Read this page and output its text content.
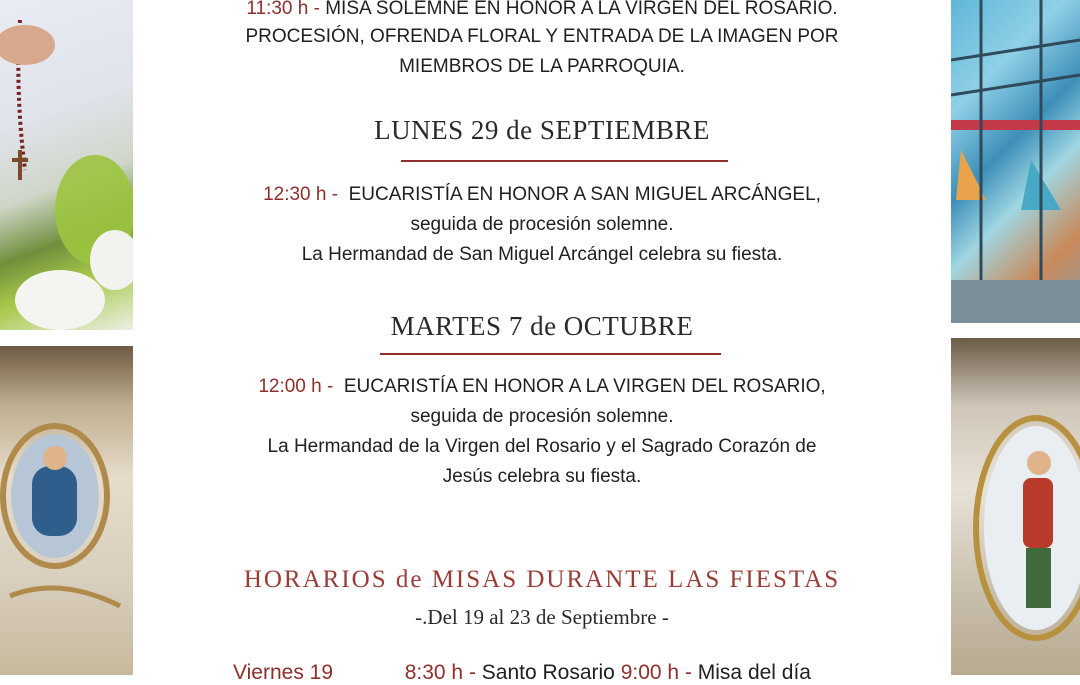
11:30 h - MISA SOLEMNE EN HONOR A LA VIRGEN DEL ROSARIO.
PROCESIÓN, OFRENDA FLORAL Y ENTRADA DE LA IMAGEN POR
MIEMBROS DE LA PARROQUIA.
LUNES 29 de SEPTIEMBRE
12:30 h - EUCARISTÍA EN HONOR A SAN MIGUEL ARCÁNGEL,
seguida de procesión solemne.
La Hermandad de San Miguel Arcángel celebra su fiesta.
MARTES 7 de OCTUBRE
12:00 h - EUCARISTÍA EN HONOR A LA VIRGEN DEL ROSARIO,
seguida de procesión solemne.
La Hermandad de la Virgen del Rosario y el Sagrado Corazón de
Jesús celebra su fiesta.
HORARIOS de MISAS DURANTE LAS FIESTAS
-.Del 19 al 23 de Septiembre -
Viernes 19	8:30 h - Santo Rosario 9:00 h - Misa del día
